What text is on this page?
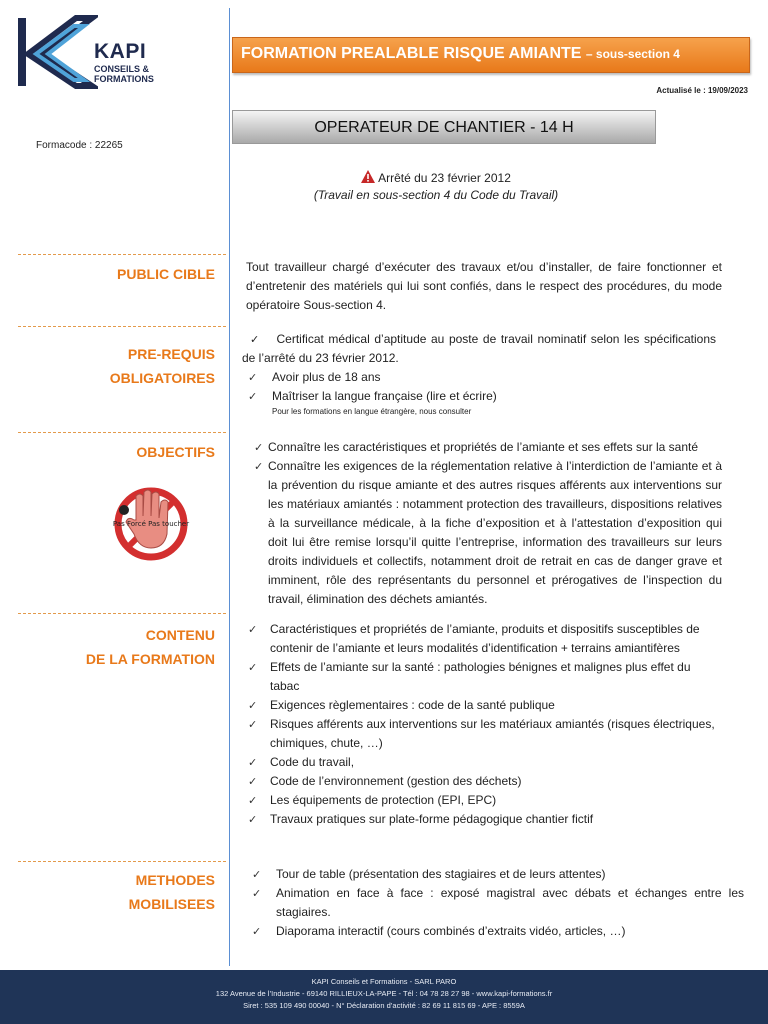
KAPI
CONSEILS &
FORMATIONS
Formacode : 22265
FORMATION PREALABLE RISQUE AMIANTE – sous-section 4
Actualisé le : 19/09/2023
OPERATEUR DE CHANTIER - 14 H
Arrêté du 23 février 2012
(Travail en sous-section 4 du Code du Travail)
PUBLIC CIBLE	Tout travailleur chargé d’exécuter des travaux et/ou d’installer, de faire fonctionner et d’entretenir des matériels qui lui sont confiés, dans le respect des procédures, du mode opératoire Sous-section 4.
PRE-REQUIS
OBLIGATOIRES
✓ Certificat médical d’aptitude au poste de travail nominatif selon les spécifications de l’arrêté du 23 février 2012.
✓ Avoir plus de 18 ans
✓ Maîtriser la langue française (lire et écrire)
Pour les formations en langue étrangère, nous consulter
OBJECTIFS
Pas Forcé Pas toucher
✓ Connaître les caractéristiques et propriétés de l’amiante et ses effets sur la santé
✓ Connaître les exigences de la réglementation relative à l’interdiction de l’amiante et à la prévention du risque amiante et des autres risques afférents aux interventions sur les matériaux amiantés : notamment protection des travailleurs, dispositions relatives à la surveillance médicale, à la fiche d’exposition et à l’attestation d’exposition qui doit lui être remise lorsqu’il quitte l’entreprise, information des travailleurs sur leurs droits individuels et collectifs, notamment droit de retrait en cas de danger grave et imminent, rôle des représentants du personnel et prérogatives de l’inspection du travail, élimination des déchets amiantés.
CONTENU
DE LA FORMATION
✓ Caractéristiques et propriétés de l’amiante, produits et dispositifs susceptibles de contenir de l’amiante et leurs modalités d’identification + terrains amiantifères
✓ Effets de l’amiante sur la santé : pathologies bénignes et malignes plus effet du tabac
✓ Exigences règlementaires : code de la santé publique
✓ Risques afférents aux interventions sur les matériaux amiantés (risques électriques, chimiques, chute, …)
✓ Code du travail,
✓ Code de l’environnement (gestion des déchets)
✓ Les équipements de protection (EPI, EPC)
✓ Travaux pratiques sur plate-forme pédagogique chantier fictif
METHODES
MOBILISEES
✓ Tour de table (présentation des stagiaires et de leurs attentes)
✓ Animation en face à face : exposé magistral avec débats et échanges entre les stagiaires.
✓ Diaporama interactif (cours combinés d’extraits vidéo, articles, …)
KAPI Conseils et Formations - SARL PARO
132 Avenue de l’Industrie - 69140 RILLIEUX-LA-PAPE - Tél : 04 78 28 27 98 - www.kapi-formations.fr
Siret : 535 109 490 00040 - N° Déclaration d’activité : 82 69 11 815 69 - APE : 8559A
